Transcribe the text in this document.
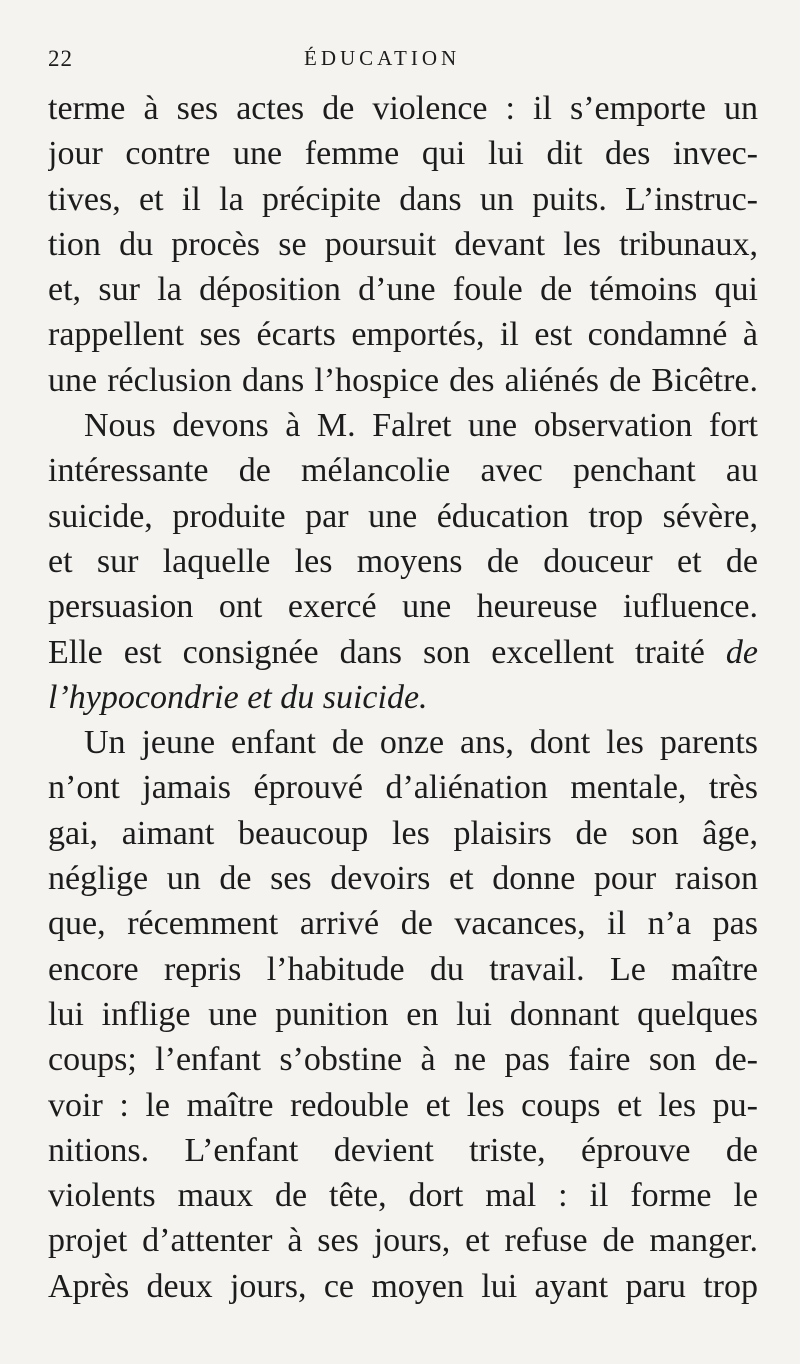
22	ÉDUCATION
terme à ses actes de violence : il s’emporte un
jour contre une femme qui lui dit des invec-
tives, et il la précipite dans un puits. L’instruc-
tion du procès se poursuit devant les tribunaux,
et, sur la déposition d’une foule de témoins qui
rappellent ses écarts emportés, il est condamné à
une réclusion dans l’hospice des aliénés de Bicêtre.
Nous devons à M. Falret une observation fort
intéressante de mélancolie avec penchant au
suicide, produite par une éducation trop sévère,
et sur laquelle les moyens de douceur et de
persuasion ont exercé une heureuse iufluence.
Elle est consignée dans son excellent traité de
l’hypocondrie et du suicide.
Un jeune enfant de onze ans, dont les parents
n’ont jamais éprouvé d’aliénation mentale, très
gai, aimant beaucoup les plaisirs de son âge,
néglige un de ses devoirs et donne pour raison
que, récemment arrivé de vacances, il n’a pas
encore repris l’habitude du travail. Le maître
lui inflige une punition en lui donnant quelques
coups; l’enfant s’obstine à ne pas faire son de-
voir : le maître redouble et les coups et les pu-
nitions. L’enfant devient triste, éprouve de
violents maux de tête, dort mal : il forme le
projet d’attenter à ses jours, et refuse de manger.
Après deux jours, ce moyen lui ayant paru trop
